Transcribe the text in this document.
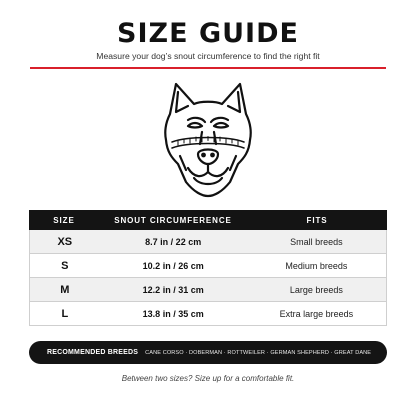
SIZE GUIDE
Measure your dog’s snout circumference to find the right fit
SIZE	SNOUT CIRCUMFERENCE	FITS
XS	8.7 in / 22 cm	Small breeds
S	10.2 in / 26 cm	Medium breeds
M	12.2 in / 31 cm	Large breeds
L	13.8 in / 35 cm	Extra large breeds
RECOMMENDED BREEDS CANE CORSO · DOBERMAN · ROTTWEILER · GERMAN SHEPHERD · GREAT DANE
Between two sizes? Size up for a comfortable fit.
